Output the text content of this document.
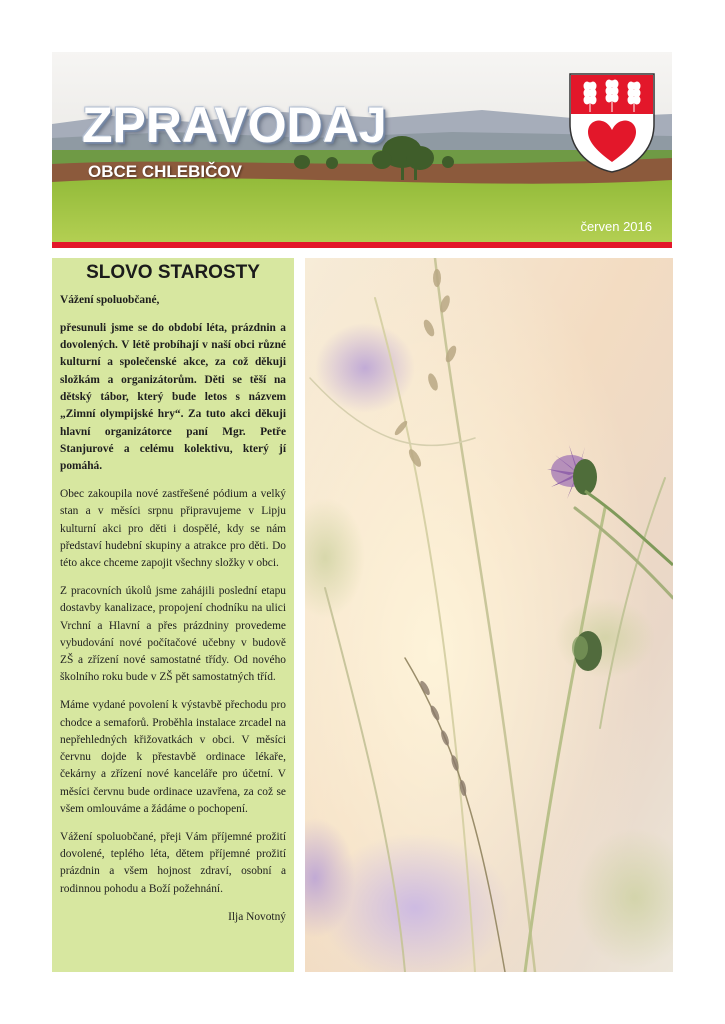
ZPRAVODAJ
OBCE CHLEBIČOV
červen 2016
SLOVO STAROSTY

Vážení spoluobčané,

přesunuli jsme se do období léta, prázdnin a dovolených. V létě probíhají v naší obci různé kulturní a společenské akce, za což děkuji složkám a organizátorům. Děti se těší na dětský tábor, který bude letos s názvem „Zimní olympijské hry“. Za tuto akci děkuji hlavní organizátorce paní Mgr. Petře Stanjurové a celému kolektivu, který jí pomáhá.

Obec zakoupila nové zastřešené pódium a velký stan a v měsíci srpnu připravujeme v Lipju kulturní akci pro děti i dospělé, kdy se nám představí hudební skupiny a atrakce pro děti. Do této akce chceme zapojit všechny složky v obci.

Z pracovních úkolů jsme zahájili poslední etapu dostavby kanalizace, propojení chodníku na ulici Vrchní a Hlavní a přes prázdniny provedeme vybudování nové počítačové učebny v budově ZŠ a zřízení nové samostatné třídy. Od nového školního roku bude v ZŠ pět samostatných tříd.

Máme vydané povolení k výstavbě přechodu pro chodce a semaforů. Proběhla instalace zrcadel na nepřehledných křižovatkách v obci. V měsíci červnu dojde k přestavbě ordinace lékaře, čekárny a zřízení nové kanceláře pro účetní. V měsíci červnu bude ordinace uzavřena, za což se všem omlouváme a žádáme o pochopení.

Vážení spoluobčané, přeji Vám příjemné prožití dovolené, teplého léta, dětem příjemné prožití prázdnin a všem hojnost zdraví, osobní a rodinnou pohodu a Boží požehnání.

Ilja Novotný
